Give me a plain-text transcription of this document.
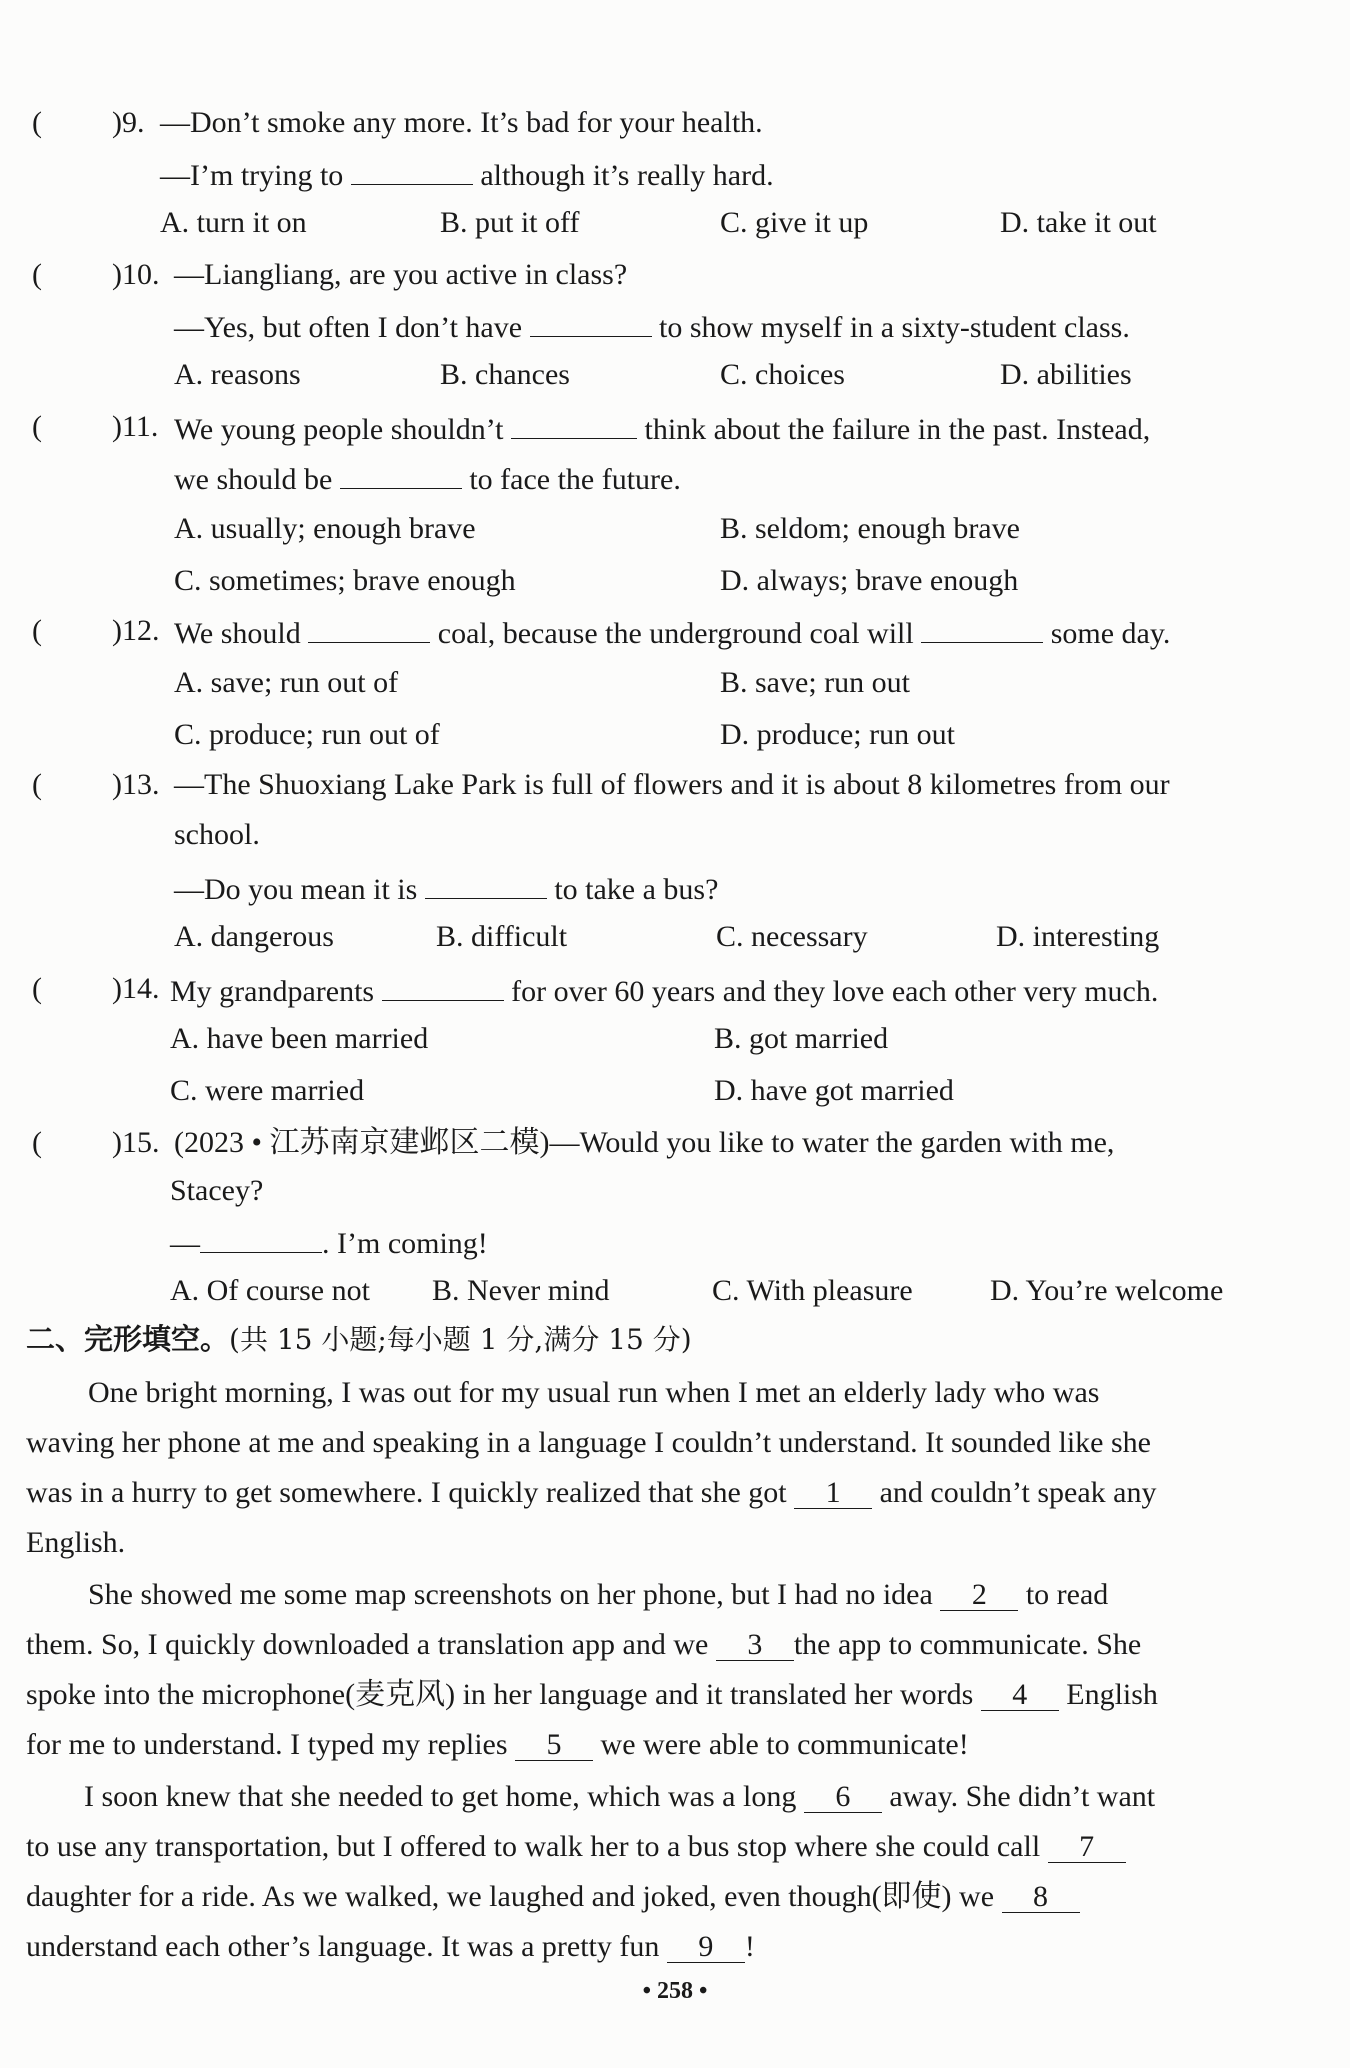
( )9. —Don’t smoke any more. It’s bad for your health.
—I’m trying to	although it’s really hard.
A. turn it on	B. put it off	C. give it up	D. take it out
( )10. —Liangliang, are you active in class?
—Yes, but often I don’t have	to show myself in a sixty-student class.
A. reasons	B. chances	C. choices	D. abilities
( )11. We young people shouldn’t	think about the failure in the past. Instead,
we should be	to face the future.
A. usually; enough brave	B. seldom; enough brave
C. sometimes; brave enough	D. always; brave enough
( )12. We should	coal, because the underground coal will	some day.
A. save; run out of	B. save; run out
C. produce; run out of	D. produce; run out
( )13. —The Shuoxiang Lake Park is full of flowers and it is about 8 kilometres from our
school.
—Do you mean it is	to take a bus?
A. dangerous	B. difficult	C. necessary	D. interesting
( )14. My grandparents	for over 60 years and they love each other very much.
A. have been married	B. got married
C. were married	D. have got married
( )15. (2023 • 江苏南京建邺区二模)—Would you like to water the garden with me,
Stacey?
—	. I’m coming!
A. Of course not B. Never mind	C. With pleasure	D. You’re welcome
二、完形填空。(共 15 小题;每小题 1 分,满分 15 分)
One bright morning, I was out for my usual run when I met an elderly lady who was
waving her phone at me and speaking in a language I couldn’t understand. It sounded like she
was in a hurry to get somewhere. I quickly realized that she got 1 and couldn’t speak any
English.
She showed me some map screenshots on her phone, but I had no idea 2 to read
them. So, I quickly downloaded a translation app and we 3 the app to communicate. She
spoke into the microphone(麦克风) in her language and it translated her words 4 English
for me to understand. I typed my replies 5 we were able to communicate!
I soon knew that she needed to get home, which was a long 6 away. She didn’t want
to use any transportation, but I offered to walk her to a bus stop where she could call 7
daughter for a ride. As we walked, we laughed and joked, even though(即使) we 8
understand each other’s language. It was a pretty fun 9 !
• 258 •
